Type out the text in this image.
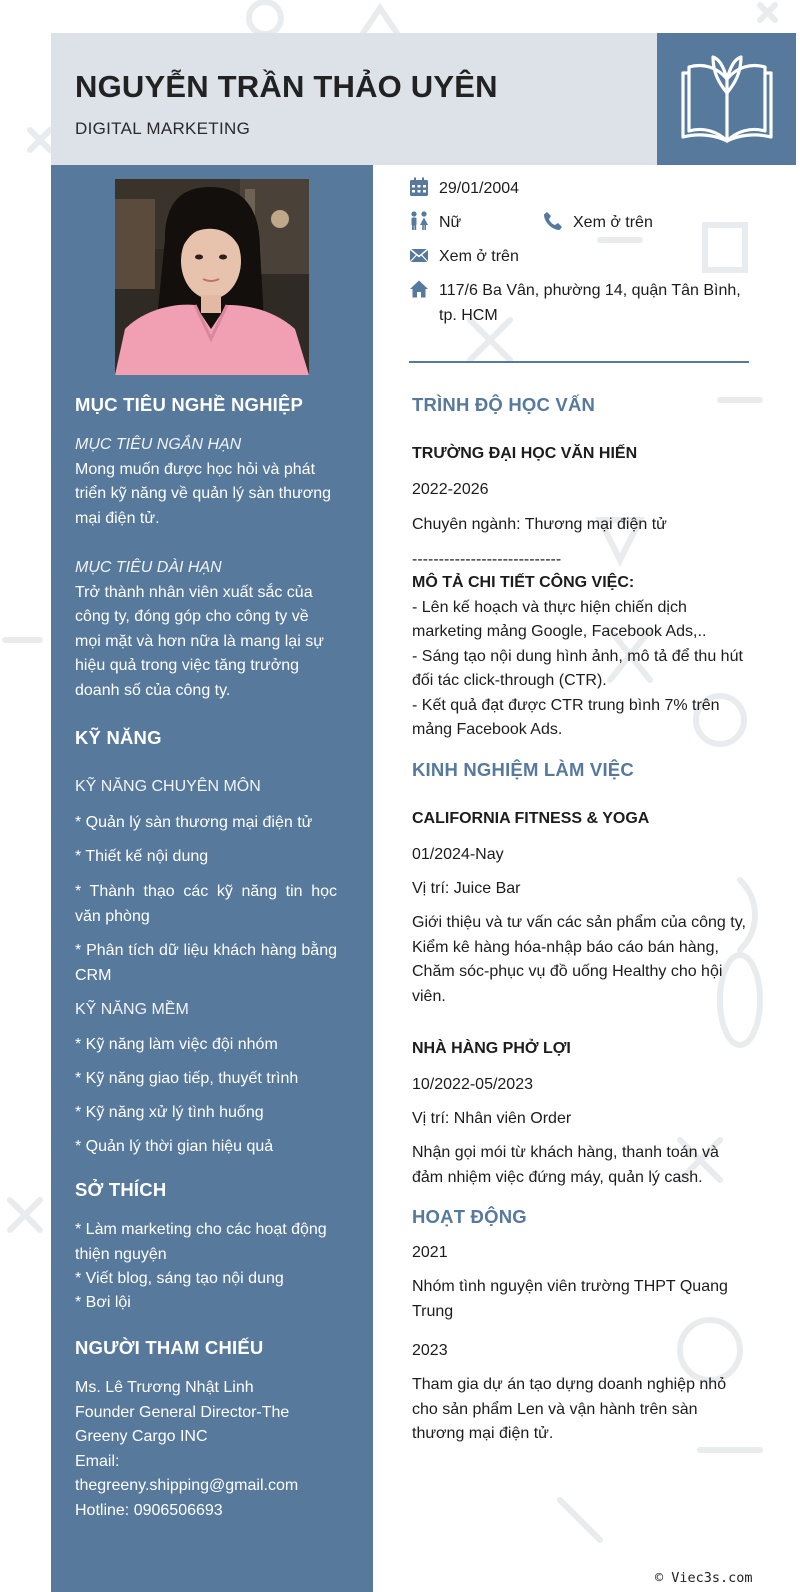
NGUYỄN TRẦN THẢO UYÊN
DIGITAL MARKETING
MỤC TIÊU NGHỀ NGHIỆP
MỤC TIÊU NGẮN HẠN
Mong muốn được học hỏi và phát triển kỹ năng về quản lý sàn thương mại điện tử.
MỤC TIÊU DÀI HẠN
Trở thành nhân viên xuất sắc của công ty, đóng góp cho công ty về mọi mặt và hơn nữa là mang lại sự hiệu quả trong việc tăng trưởng doanh số của công ty.
KỸ NĂNG
KỸ NĂNG CHUYÊN MÔN
* Quản lý sàn thương mại điện tử
* Thiết kế nội dung
* Thành thạo các kỹ năng tin học văn phòng
* Phân tích dữ liệu khách hàng bằng CRM
KỸ NĂNG MỀM
* Kỹ năng làm việc đội nhóm
* Kỹ năng giao tiếp, thuyết trình
* Kỹ năng xử lý tình huống
* Quản lý thời gian hiệu quả
SỞ THÍCH
* Làm marketing cho các hoạt động thiện nguyện
* Viết blog, sáng tạo nội dung
* Bơi lội
NGƯỜI THAM CHIẾU
Ms. Lê Trương Nhật Linh
Founder General Director-The Greeny Cargo INC
Email:
thegreeny.shipping@gmail.com
Hotline: 0906506693
29/01/2004
Nữ	Xem ở trên
Xem ở trên
117/6 Ba Vân, phường 14, quận Tân Bình, tp. HCM
TRÌNH ĐỘ HỌC VẤN
TRƯỜNG ĐẠI HỌC VĂN HIẾN
2022-2026
Chuyên ngành: Thương mại điện tử
----------------------------
MÔ TẢ CHI TIẾT CÔNG VIỆC:
- Lên kế hoạch và thực hiện chiến dịch marketing mảng Google, Facebook Ads,..
- Sáng tạo nội dung hình ảnh, mô tả để thu hút đối tác click-through (CTR).
- Kết quả đạt được CTR trung bình 7% trên mảng Facebook Ads.
KINH NGHIỆM LÀM VIỆC
CALIFORNIA FITNESS & YOGA
01/2024-Nay
Vị trí: Juice Bar
Giới thiệu và tư vấn các sản phẩm của công ty, Kiểm kê hàng hóa-nhập báo cáo bán hàng, Chăm sóc-phục vụ đồ uống Healthy cho hội viên.
NHÀ HÀNG PHỞ LỢI
10/2022-05/2023
Vị trí: Nhân viên Order
Nhận gọi mói từ khách hàng, thanh toán và đảm nhiệm việc đứng máy, quản lý cash.
HOẠT ĐỘNG
2021
Nhóm tình nguyện viên trường THPT Quang Trung
2023
Tham gia dự án tạo dựng doanh nghiệp nhỏ cho sản phẩm Len và vận hành trên sàn thương mại điện tử.
© Viec3s.com
